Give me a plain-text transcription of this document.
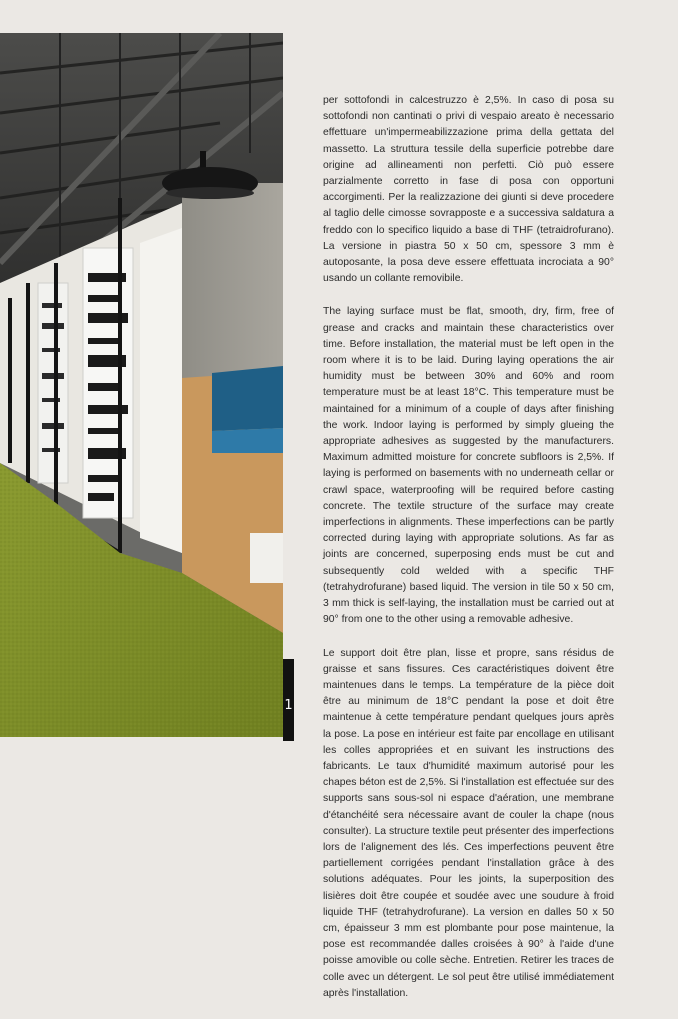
1

per sottofondi in calcestruzzo è 2,5%. In caso di posa su sottofondi non cantinati o privi di vespaio areato è necessario effettuare un'impermeabilizzazione prima della gettata del massetto. La struttura tessile della superficie potrebbe dare origine ad allineamenti non perfetti. Ciò può essere parzialmente corretto in fase di posa con opportuni accorgimenti. Per la realizzazione dei giunti si deve procedere al taglio delle cimosse sovrapposte e a successiva saldatura a freddo con lo specifico liquido a base di THF (tetraidrofurano). La versione in piastra 50 x 50 cm, spessore 3 mm è autoposante, la posa deve essere effettuata incrociata a 90° usando un collante removibile.

The laying surface must be flat, smooth, dry, firm, free of grease and cracks and maintain these characteristics over time. Before installation, the material must be left open in the room where it is to be laid. During laying operations the air humidity must be between 30% and 60% and room temperature must be at least 18°C. This temperature must be maintained for a minimum of a couple of days after finishing the work. Indoor laying is performed by simply glueing the appropriate adhesives as suggested by the manufacturers. Maximum admitted moisture for concrete subfloors is 2,5%. If laying is performed on basements with no underneath cellar or crawl space, waterproofing will be required before casting concrete. The textile structure of the surface may create imperfections in alignments. These imperfections can be partly corrected during laying with appropriate solutions. As far as joints are concerned, superposing ends must be cut and subsequently cold welded with a specific THF (tetrahydrofurane) based liquid. The version in tile 50 x 50 cm, 3 mm thick is self-laying, the installation must be carried out at 90° from one to the other using a removable adhesive.

Le support doit être plan, lisse et propre, sans résidus de graisse et sans fissures. Ces caractéristiques doivent être maintenues dans le temps. La température de la pièce doit être au minimum de 18°C pendant la pose et doit être maintenue à cette température pendant quelques jours après la pose. La pose en intérieur est faite par encollage en utilisant les colles appropriées et en suivant les instructions des fabricants. Le taux d'humidité maximum autorisé pour les chapes béton est de 2,5%. Si l'installation est effectuée sur des supports sans sous-sol ni espace d'aération, une membrane d'étanchéité sera nécessaire avant de couler la chape (nous consulter). La structure textile peut présenter des imperfections lors de l'alignement des lés. Ces imperfections peuvent être partiellement corrigées pendant l'installation grâce à des solutions adéquates. Pour les joints, la superposition des lisières doit être coupée et soudée avec une soudure à froid liquide THF (tetrahydrofurane). La version en dalles 50 x 50 cm, épaisseur 3 mm est plombante pour pose maintenue, la pose est recommandée dalles croisées à 90° à l'aide d'une poisse amovible ou colle sèche. Entretien. Retirer les traces de colle avec un détergent. Le sol peut être utilisé immédiatement après l'installation.
